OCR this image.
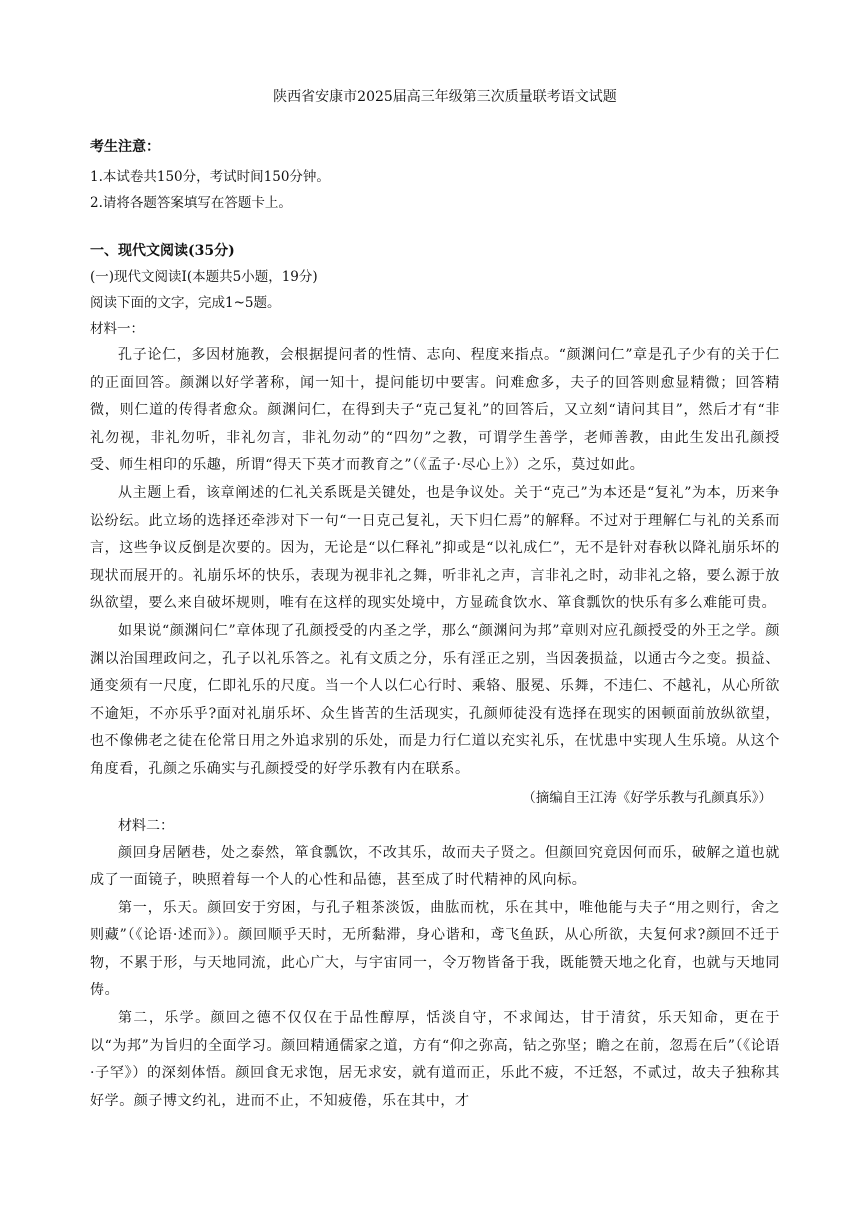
陕西省安康市2025届高三年级第三次质量联考语文试题

考生注意：

1.本试卷共150分，考试时间150分钟。

2.请将各题答案填写在答题卡上。

一、现代文阅读(35分)

(一)现代文阅读Ⅰ(本题共5小题，19分)

阅读下面的文字，完成1~5题。

材料一：

孔子论仁，多因材施教，会根据提问者的性情、志向、程度来指点。“颜渊问仁”章是孔子少有的关于仁的正面回答。颜渊以好学著称，闻一知十，提问能切中要害。问难愈多，夫子的回答则愈显精微；回答精微，则仁道的传得者愈众。颜渊问仁，在得到夫子“克己复礼”的回答后，又立刻“请问其目”，然后才有“非礼勿视，非礼勿听，非礼勿言，非礼勿动”的“四勿”之教，可谓学生善学，老师善教，由此生发出孔颜授受、师生相印的乐趣，所谓“得天下英才而教育之”（《孟子·尽心上》）之乐，莫过如此。

从主题上看，该章阐述的仁礼关系既是关键处，也是争议处。关于“克己”为本还是“复礼”为本，历来争讼纷纭。此立场的选择还牵涉对下一句“一日克己复礼，天下归仁焉”的解释。不过对于理解仁与礼的关系而言，这些争议反倒是次要的。因为，无论是“以仁释礼”抑或是“以礼成仁”，无不是针对春秋以降礼崩乐坏的现状而展开的。礼崩乐坏的快乐，表现为视非礼之舞，听非礼之声，言非礼之时，动非礼之辂，要么源于放纵欲望，要么来自破坏规则，唯有在这样的现实处境中，方显疏食饮水、箪食瓢饮的快乐有多么难能可贵。

如果说“颜渊问仁”章体现了孔颜授受的内圣之学，那么“颜渊问为邦”章则对应孔颜授受的外王之学。颜渊以治国理政问之，孔子以礼乐答之。礼有文质之分，乐有淫正之别，当因袭损益，以通古今之变。损益、通变须有一尺度，仁即礼乐的尺度。当一个人以仁心行时、乘辂、服冕、乐舞，不违仁、不越礼，从心所欲不逾矩，不亦乐乎?面对礼崩乐坏、众生皆苦的生活现实，孔颜师徒没有选择在现实的困顿面前放纵欲望，也不像佛老之徒在伦常日用之外追求别的乐处，而是力行仁道以充实礼乐，在忧患中实现人生乐境。从这个角度看，孔颜之乐确实与孔颜授受的好学乐教有内在联系。

（摘编自王江涛《好学乐教与孔颜真乐》）

材料二：

颜回身居陋巷，处之泰然，箪食瓢饮，不改其乐，故而夫子贤之。但颜回究竟因何而乐，破解之道也就成了一面镜子，映照着每一个人的心性和品德，甚至成了时代精神的风向标。

第一，乐天。颜回安于穷困，与孔子粗茶淡饭，曲肱而枕，乐在其中，唯他能与夫子“用之则行，舍之则藏”（《论语·述而》）。颜回顺乎天时，无所黏滞，身心谐和，鸢飞鱼跃，从心所欲，夫复何求?颜回不迁于物，不累于形，与天地同流，此心广大，与宇宙同一，令万物皆备于我，既能赞天地之化育，也就与天地同俦。

第二，乐学。颜回之德不仅仅在于品性醇厚，恬淡自守，不求闻达，甘于清贫，乐天知命，更在于以“为邦”为旨归的全面学习。颜回精通儒家之道，方有“仰之弥高，钻之弥坚；瞻之在前，忽焉在后”（《论语·子罕》）的深刻体悟。颜回食无求饱，居无求安，就有道而正，乐此不疲，不迁怒，不贰过，故夫子独称其好学。颜子博文约礼，进而不止，不知疲倦，乐在其中，才
